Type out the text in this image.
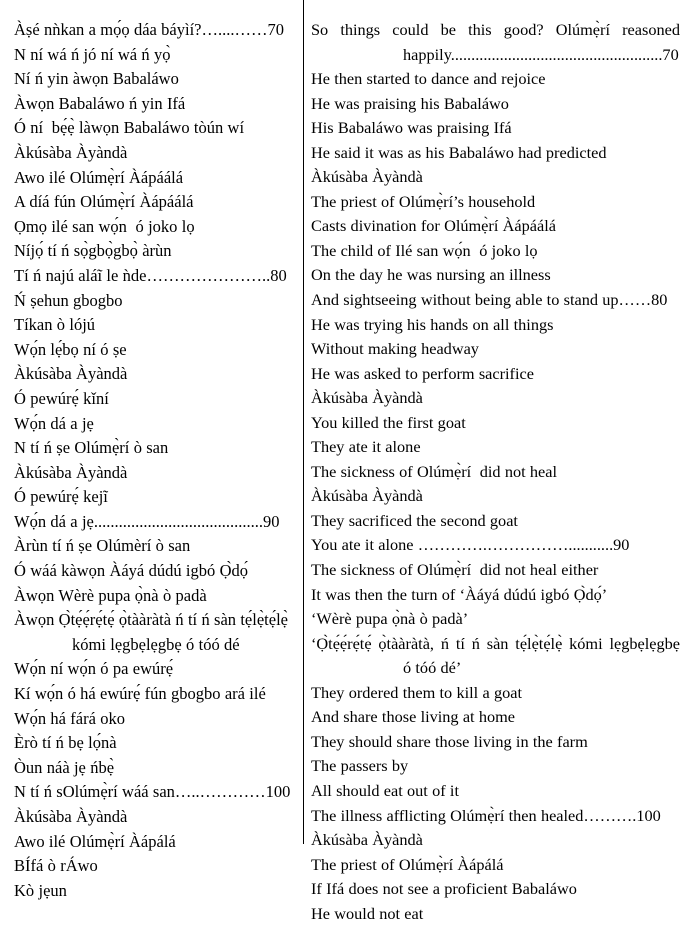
Àṣé nǹkan a mọ́ọ dáa báyìí?…....……70
N ní wá ń jó ní wá ń yọ̀
Ní ń yin àwọn Babaláwo
Àwọn Babaláwo ń yin Ifá
Ó ní  bẹ́ẹ̀ làwọn Babaláwo tòún wí
Àkúsàba Àyàndà
Awo ilé Olúmẹ̀rí Àápáálá
A díá fún Olúmẹ̀rí Àápáálá
Ọmọ ilé san wọ́n  ó joko lọ
Níjọ́ tí ń sọ̀gbọ̀gbọ̀ àrùn
Tí ń najú aláĩ le ǹde…………………..80
Ń ṣehun gbogbo
Tíkan ò lójú
Wọ́n lẹ́bọ ní ó ṣe
Àkúsàba Àyàndà
Ó pewúrẹ́ kǐní
Wọ́n dá a jẹ
N tí ń ṣe Olúmẹ̀rí ò san
Àkúsàba Àyàndà
Ó pewúrẹ́ kejĩ
Wọ́n dá a jẹ.........................................90
Àrùn tí ń ṣe Olúmèrí ò san
Ó wáá kàwọn Àáyá dúdú igbó Ọ̀dọ́
Àwọn Wèrè pupa ọ̀nà ò padà
Àwọn Ọ̀tẹ́ẹ́rẹ́tẹ́ ọ̀tààràtà ń tí ń sàn tẹ́lẹ̀tẹ́lẹ̀
kómi lẹgbẹlẹgbẹ ó tóó dé
Wọ́n ní wọ́n ó pa ewúrẹ́
Kí wọ́n ó há ewúrẹ́ fún gbogbo ará ilé
Wọ́n há fárá oko
Èrò tí ń bẹ lọ́nà
Òun náà jẹ ńbẹ̀
N tí ń sOlúmẹ̀rí wáá san…..…………100
Àkúsàba Àyàndà
Awo ilé Olúmẹ̀rí Àápálá
BÍfá ò rÁwo
Kò jẹun
So things could be this good? Olúmẹ̀rí reasoned
happily....................................................70
He then started to dance and rejoice
He was praising his Babaláwo
His Babaláwo was praising Ifá
He said it was as his Babaláwo had predicted
Àkúsàba Àyàndà
The priest of Olúmẹ̀rí’s household
Casts divination for Olúmẹ̀rí Àápáálá
The child of Ilé san wọ́n  ó joko lọ
On the day he was nursing an illness
And sightseeing without being able to stand up……80
He was trying his hands on all things
Without making headway
He was asked to perform sacrifice
Àkúsàba Àyàndà
You killed the first goat
They ate it alone
The sickness of Olúmẹ̀rí  did not heal
Àkúsàba Àyàndà
They sacrificed the second goat
You ate it alone ………….……………...........90
The sickness of Olúmẹ̀rí  did not heal either
It was then the turn of ‘Àáyá dúdú igbó Ọ̀dọ́’
‘Wèrè pupa ọ̀nà ò padà’
‘Ọ̀tẹ́ẹ́rẹ́tẹ́ ọ̀tààràtà, ń tí ń sàn tẹ́lẹ̀tẹ́lẹ̀ kómi lẹgbẹlẹgbẹ
ó tóó dé’
They ordered them to kill a goat
And share those living at home
They should share those living in the farm
The passers by
All should eat out of it
The illness afflicting Olúmẹ̀rí then healed……….100
Àkúsàba Àyàndà
The priest of Olúmẹ̀rí Àápálá
If Ifá does not see a proficient Babaláwo
He would not eat
